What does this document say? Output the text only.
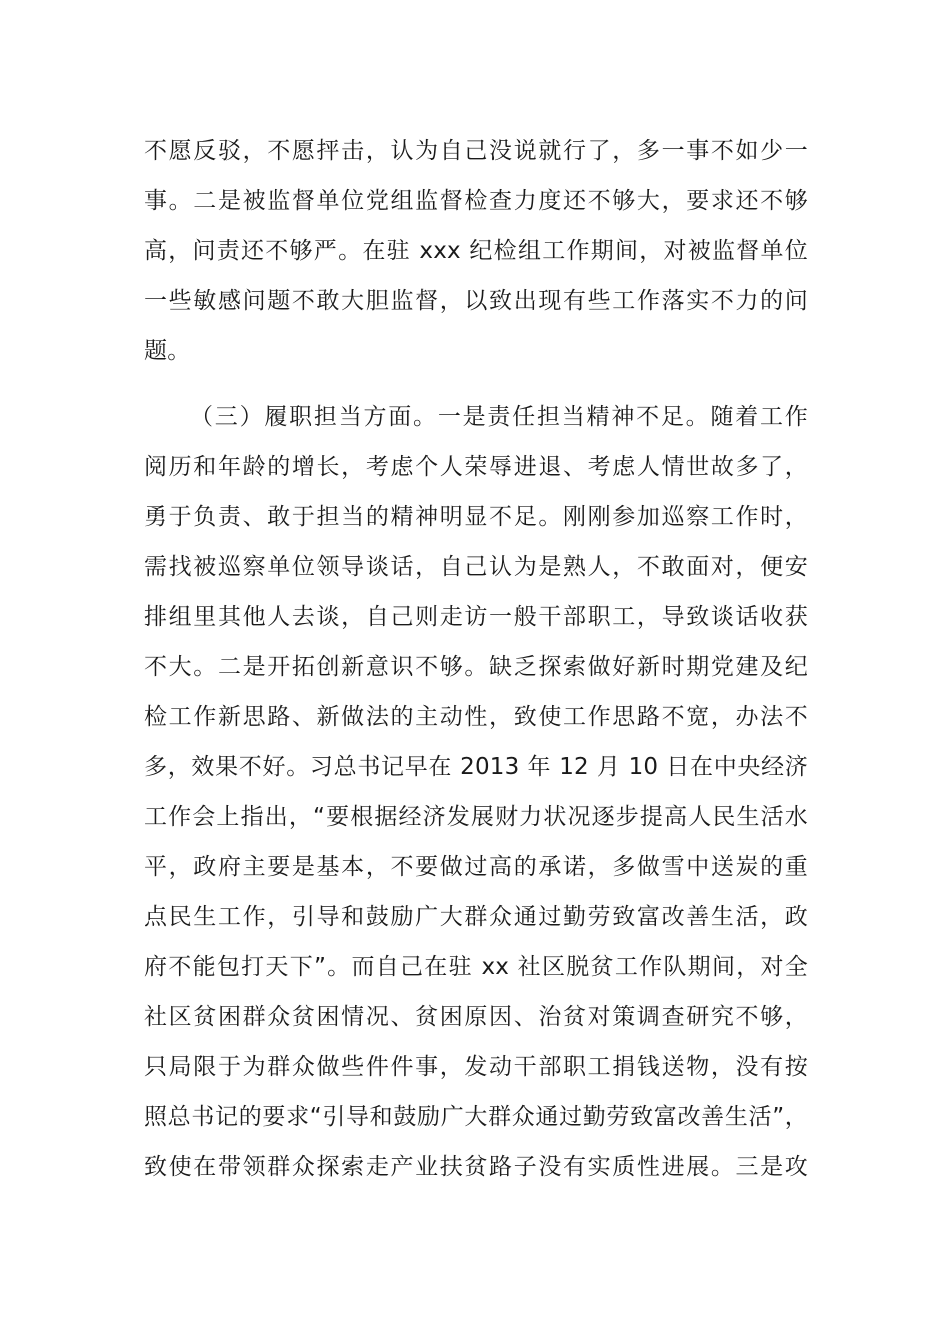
不愿反驳，不愿抨击，认为自己没说就行了，多一事不如少一
事。二是被监督单位党组监督检查力度还不够大，要求还不够
高，问责还不够严。在驻 xxx 纪检组工作期间，对被监督单位
一些敏感问题不敢大胆监督，以致出现有些工作落实不力的问
题。
（三）履职担当方面。一是责任担当精神不足。随着工作
阅历和年龄的增长，考虑个人荣辱进退、考虑人情世故多了，
勇于负责、敢于担当的精神明显不足。刚刚参加巡察工作时，
需找被巡察单位领导谈话，自己认为是熟人，不敢面对，便安
排组里其他人去谈，自己则走访一般干部职工，导致谈话收获
不大。二是开拓创新意识不够。缺乏探索做好新时期党建及纪
检工作新思路、新做法的主动性，致使工作思路不宽，办法不
多，效果不好。习总书记早在 2013 年 12 月 10 日在中央经济
工作会上指出，“要根据经济发展财力状况逐步提高人民生活水
平，政府主要是基本，不要做过高的承诺，多做雪中送炭的重
点民生工作，引导和鼓励广大群众通过勤劳致富改善生活，政
府不能包打天下”。而自己在驻 xx 社区脱贫工作队期间，对全
社区贫困群众贫困情况、贫困原因、治贫对策调查研究不够，
只局限于为群众做些件件事，发动干部职工捐钱送物，没有按
照总书记的要求“引导和鼓励广大群众通过勤劳致富改善生活”，
致使在带领群众探索走产业扶贫路子没有实质性进展。三是攻
